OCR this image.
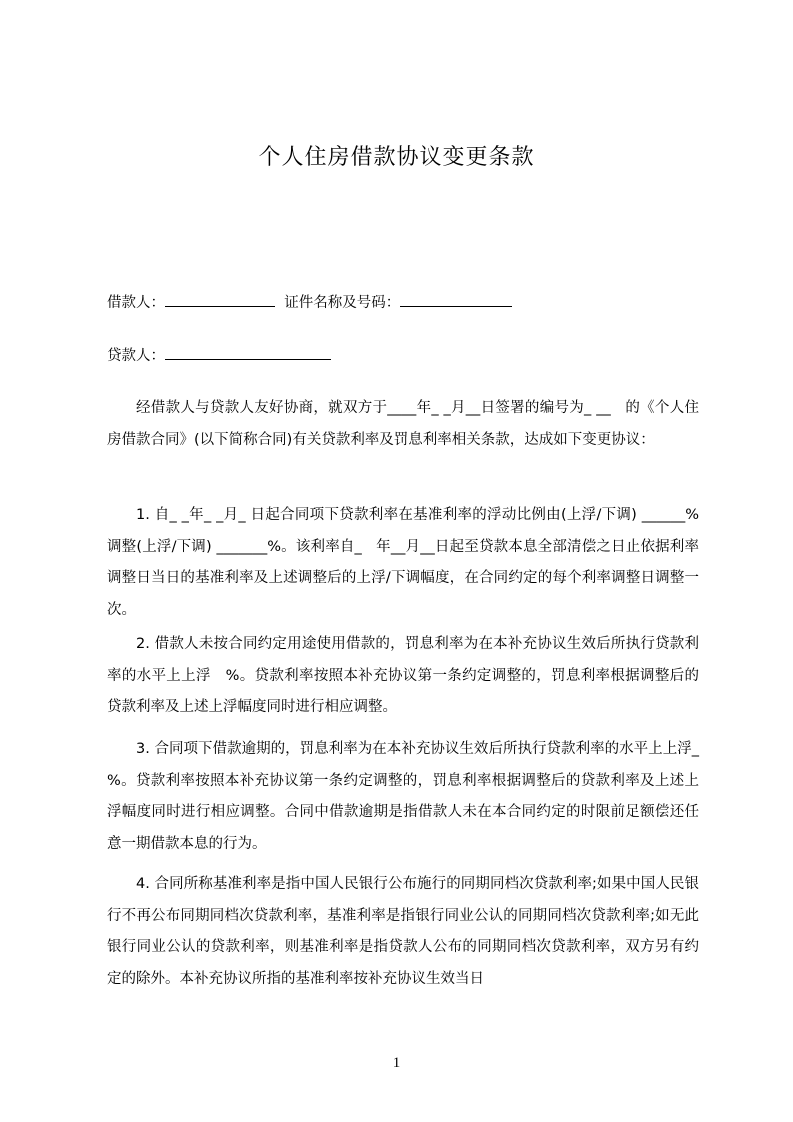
个人住房借款协议变更条款
借款人：	证件名称及号码：
贷款人：
经借款人与贷款人友好协商，就双方于____年_ _月__日签署的编号为_ __   的《个人住房借款合同》(以下简称合同)有关贷款利率及罚息利率相关条款，达成如下变更协议：
1. 自_ _年_ _月_ 日起合同项下贷款利率在基准利率的浮动比例由(上浮/下调) ______%调整(上浮/下调) _______%。该利率自_   年__月__日起至贷款本息全部清偿之日止依据利率调整日当日的基准利率及上述调整后的上浮/下调幅度，在合同约定的每个利率调整日调整一次。
2. 借款人未按合同约定用途使用借款的，罚息利率为在本补充协议生效后所执行贷款利率的水平上上浮   %。贷款利率按照本补充协议第一条约定调整的，罚息利率根据调整后的贷款利率及上述上浮幅度同时进行相应调整。
3. 合同项下借款逾期的，罚息利率为在本补充协议生效后所执行贷款利率的水平上上浮_   %。贷款利率按照本补充协议第一条约定调整的，罚息利率根据调整后的贷款利率及上述上浮幅度同时进行相应调整。合同中借款逾期是指借款人未在本合同约定的时限前足额偿还任意一期借款本息的行为。
4. 合同所称基准利率是指中国人民银行公布施行的同期同档次贷款利率;如果中国人民银行不再公布同期同档次贷款利率，基准利率是指银行同业公认的同期同档次贷款利率;如无此银行同业公认的贷款利率，则基准利率是指贷款人公布的同期同档次贷款利率，双方另有约定的除外。本补充协议所指的基准利率按补充协议生效当日
1
